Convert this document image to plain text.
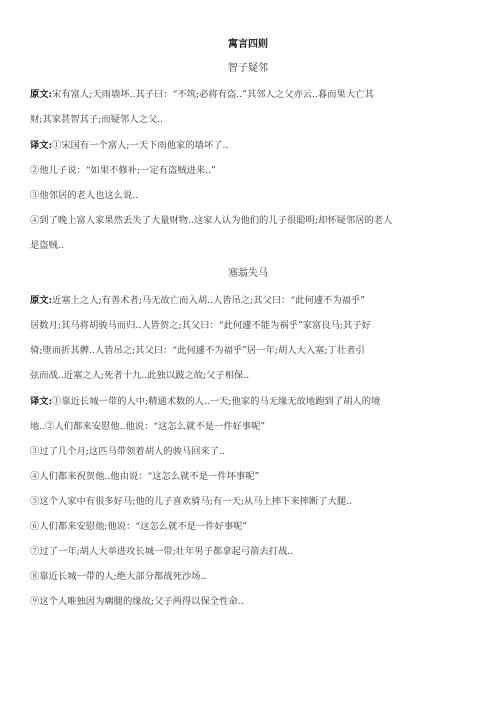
寓言四则
智子疑邻
原文:宋有富人;天雨墙坏..其子曰：“不筑;必将有盗..”其邻人之父亦云..暮而果大亡其
财;其家甚智其子;而疑邻人之父..
译文:①宋国有一个富人;一天下雨他家的墙坏了..
②他儿子说：“如果不修补;一定有盗贼进来..”
③他邻居的老人也这么说..
④到了晚上富人家果然丢失了大量财物..这家人认为他们的儿子很聪明;却怀疑邻居的老人
是盗贼..
塞翁失马
原文:近塞上之人;有善术者;马无故亡而入胡..人皆吊之;其父曰：“此何遽不为福乎”
居数月;其马将胡骏马而归..人皆贺之;其父曰：“此何遽不能为祸乎”家富良马;其子好
骑;堕而折其髀..人皆吊之;其父曰：“此何遽不为福乎”居一年;胡人大入塞;丁壮者引
弦而战..近塞之人;死者十九..此独以跛之故;父子相保..
译文:①靠近长城一带的人中;精通术数的人..一天;他家的马无缘无故地跑到了胡人的境
地..②人们都来安慰他..他说：“这怎么就不是一件好事呢”
③过了几个月;这匹马带领着胡人的骏马回来了..
④人们都来祝贺他..他由说：“这怎么就不是一件坏事呢”
⑤这个人家中有很多好马;他的儿子喜欢骑马;有一天;从马上摔下来摔断了大腿..
⑥人们都来安慰他;他说：“这怎么就不是一件好事呢”
⑦过了一年;胡人大举进攻长城一带;壮年男子都拿起弓箭去打战..
⑧靠近长城一带的人;绝大部分都战死沙场..
⑨这个人唯独因为瘸腿的缘故;父子两得以保全性命..
